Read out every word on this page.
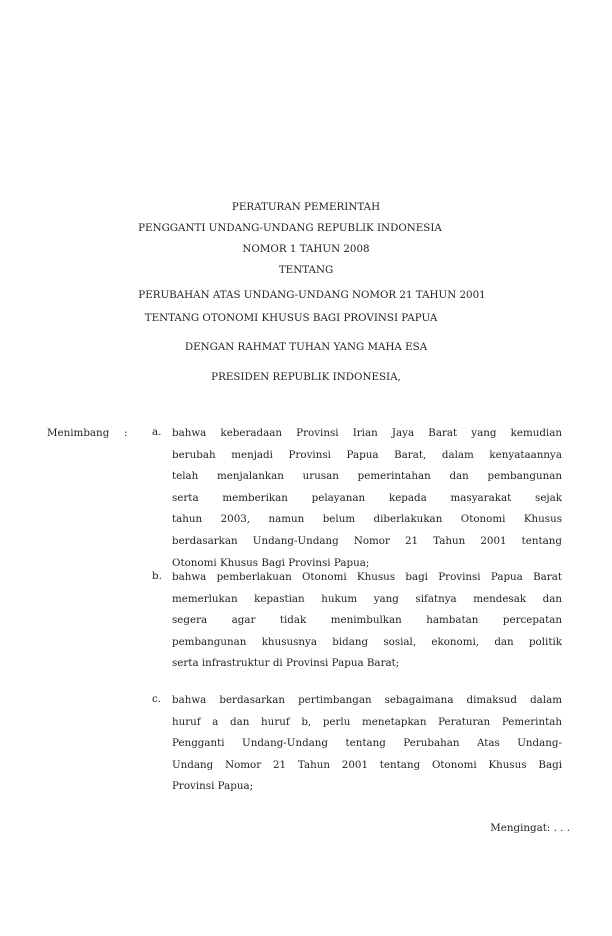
PERATURAN PEMERINTAH
PENGGANTI UNDANG-UNDANG REPUBLIK INDONESIA
NOMOR 1 TAHUN 2008
TENTANG
PERUBAHAN ATAS UNDANG-UNDANG NOMOR 21 TAHUN 2001
TENTANG OTONOMI KHUSUS BAGI PROVINSI PAPUA
DENGAN RAHMAT TUHAN YANG MAHA ESA
PRESIDEN REPUBLIK INDONESIA,
Menimbang : a. bahwa keberadaan Provinsi Irian Jaya Barat yang kemudian
berubah menjadi Provinsi Papua Barat, dalam kenyataannya
telah menjalankan urusan pemerintahan dan pembangunan
serta memberikan pelayanan kepada masyarakat sejak
tahun 2003, namun belum diberlakukan Otonomi Khusus
berdasarkan Undang-Undang Nomor 21 Tahun 2001 tentang
Otonomi Khusus Bagi Provinsi Papua;
b. bahwa pemberlakuan Otonomi Khusus bagi Provinsi Papua Barat
memerlukan kepastian hukum yang sifatnya mendesak dan
segera agar tidak menimbulkan hambatan percepatan
pembangunan khususnya bidang sosial, ekonomi, dan politik
serta infrastruktur di Provinsi Papua Barat;
c. bahwa berdasarkan pertimbangan sebagaimana dimaksud dalam
huruf a dan huruf b, perlu menetapkan Peraturan Pemerintah
Pengganti Undang-Undang tentang Perubahan Atas Undang-
Undang Nomor 21 Tahun 2001 tentang Otonomi Khusus Bagi
Provinsi Papua;
Mengingat: . . .
